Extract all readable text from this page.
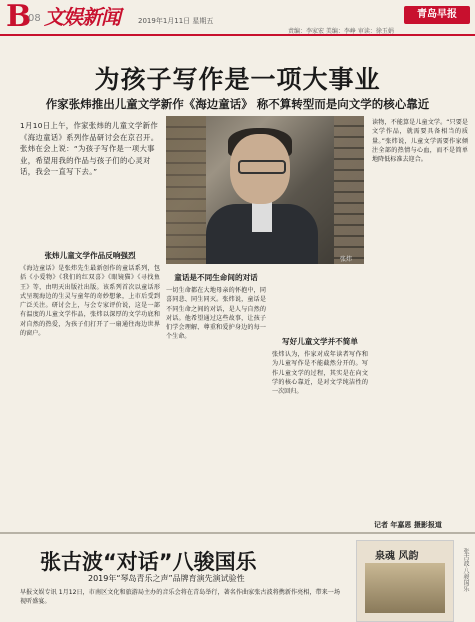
B
08 文娱新闻	2019年1月11日 星期五
青岛早报
责编：李家宏 美编：李峥 审读：徐玉娟
为孩子写作是一项大事业
作家张炜推出儿童文学新作《海边童话》 称不算转型而是向文学的核心靠近
1月10日上午，作家张炜的儿童文学新作《海边童话》系列作品研讨会在京召开。张炜在会上说：“为孩子写作是一项大事业，希望用我的作品与孩子们的心灵对话，我会一直写下去。”
张炜
读物，不能算是儿童文学。“只要是文学作品，就需要具备相当的质量。”张炜说，儿童文学需要作家倾注全部的热情与心血，而不是简单地降低标准去迎合。
张炜儿童文学作品反响强烈
《海边童话》是张炜先生最新创作的童话系列，包括《小爱物》《我们的红双喜》《眼镜猫》《寻找鱼王》等，由明天出版社出版。该系列首次以童话形式呈现海边的生灵与童年的奇妙想象，上市后受到广泛关注。研讨会上，与会专家评价说，这是一部有温度的儿童文学作品，张炜以深厚的文学功底和对自然的热爱，为孩子们打开了一扇通往海边世界的窗户。
童话是不同生命间的对话
一切生命都在大地母亲的怀抱中，同喜同悲、同生同灭。张炜说，童话是不同生命之间的对话，是人与自然的对话。他希望通过这些故事，让孩子们学会理解、尊重和爱护身边的每一个生命。
写好儿童文学并不简单
张炜认为，作家对成年读者写作和为儿童写作是不能截然分开的。写作儿童文学的过程，其实是在向文学的核心靠近，是对文学纯洁性的一次回归。
记者 年嘉恩 摄影报道
张古波“对话”八骏国乐
2019年“琴岛青乐之声”品牌育演先演试验性
早报文娱专讯 1月12日，市南区文化和旅游局主办的音乐会将在青岛举行，著名作曲家张古波将携新作亮相，带来一场视听盛宴。
泉魂 风韵	张古波·八骏国乐
